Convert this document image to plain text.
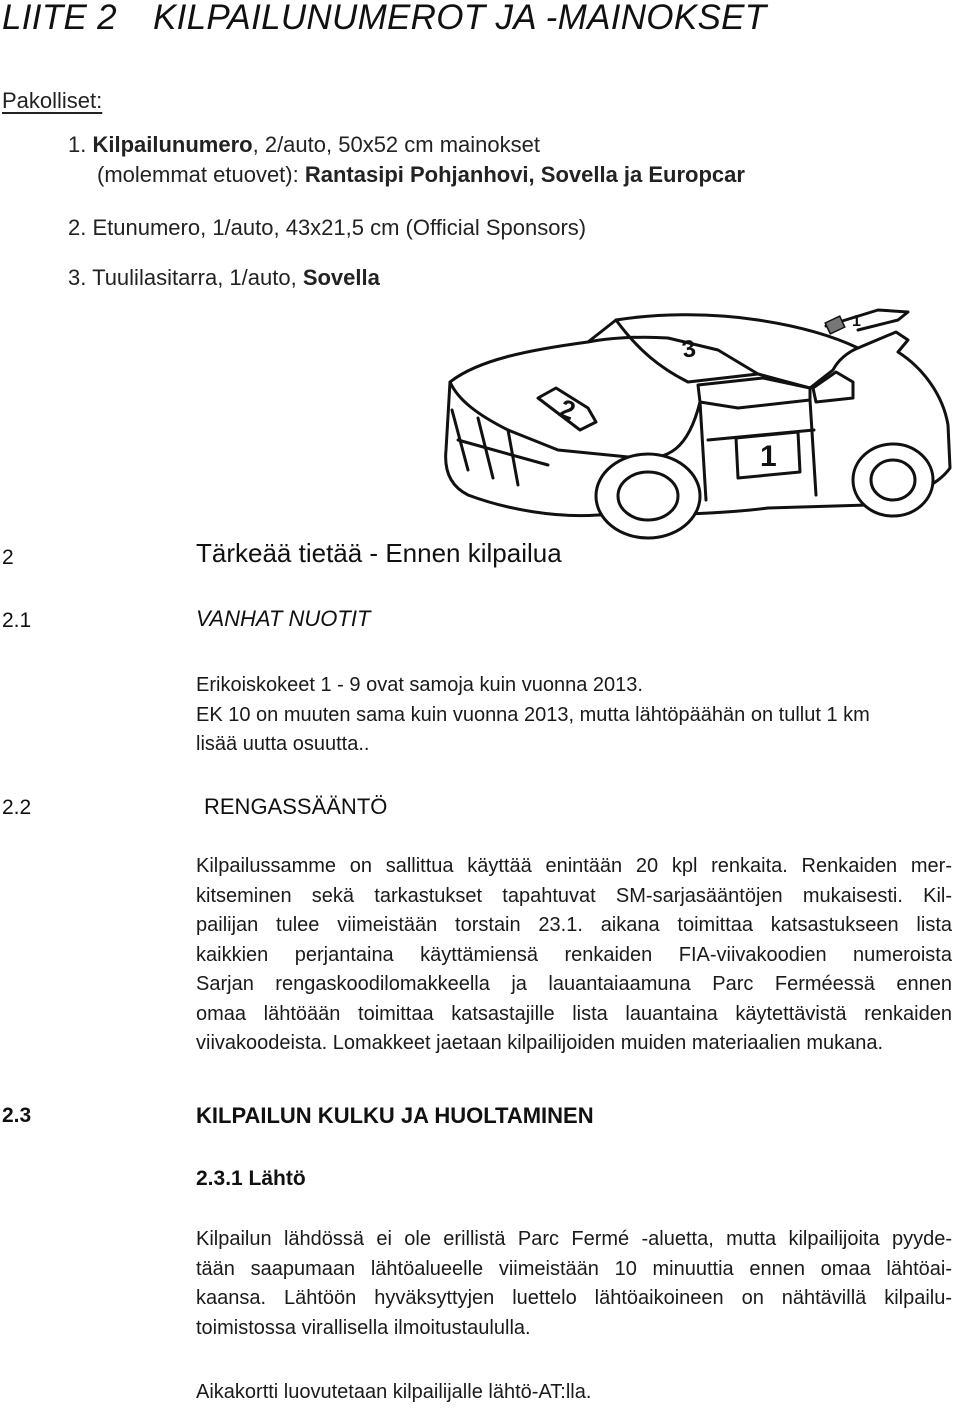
LIITE 2 KILPAILUNUMEROT JA -MAINOKSET
Pakolliset:
1. Kilpailunumero, 2/auto, 50x52 cm mainokset
(molemmat etuovet): Rantasipi Pohjanhovi, Sovella ja Europcar
2. Etunumero, 1/auto, 43x21,5 cm (Official Sponsors)
3. Tuulilasitarra, 1/auto, Sovella
3
2
1
1
2	Tärkeää tietää - Ennen kilpailua
2.1	VANHAT NUOTIT
Erikoiskokeet 1 - 9 ovat samoja kuin vuonna 2013.
EK 10 on muuten sama kuin vuonna 2013, mutta lähtöpäähän on tullut 1 km
lisää uutta osuutta..
2.2	RENGASSÄÄNTÖ
Kilpailussamme on sallittua käyttää enintään 20 kpl renkaita. Renkaiden mer-
kitseminen sekä tarkastukset tapahtuvat SM-sarjasääntöjen mukaisesti. Kil-
pailijan tulee viimeistään torstain 23.1. aikana toimittaa katsastukseen lista
kaikkien perjantaina käyttämiensä renkaiden FIA-viivakoodien numeroista
Sarjan rengaskoodilomakkeella ja lauantaiaamuna Parc Ferméessä ennen
omaa lähtöään toimittaa katsastajille lista lauantaina käytettävistä renkaiden
viivakoodeista. Lomakkeet jaetaan kilpailijoiden muiden materiaalien mukana.
2.3	KILPAILUN KULKU JA HUOLTAMINEN
2.3.1 Lähtö
Kilpailun lähdössä ei ole erillistä Parc Fermé -aluetta, mutta kilpailijoita pyyde-
tään saapumaan lähtöalueelle viimeistään 10 minuuttia ennen omaa lähtöai-
kaansa. Lähtöön hyväksyttyjen luettelo lähtöaikoineen on nähtävillä kilpailu-
toimistossa virallisella ilmoitustaululla.
Aikakortti luovutetaan kilpailijalle lähtö-AT:lla.
